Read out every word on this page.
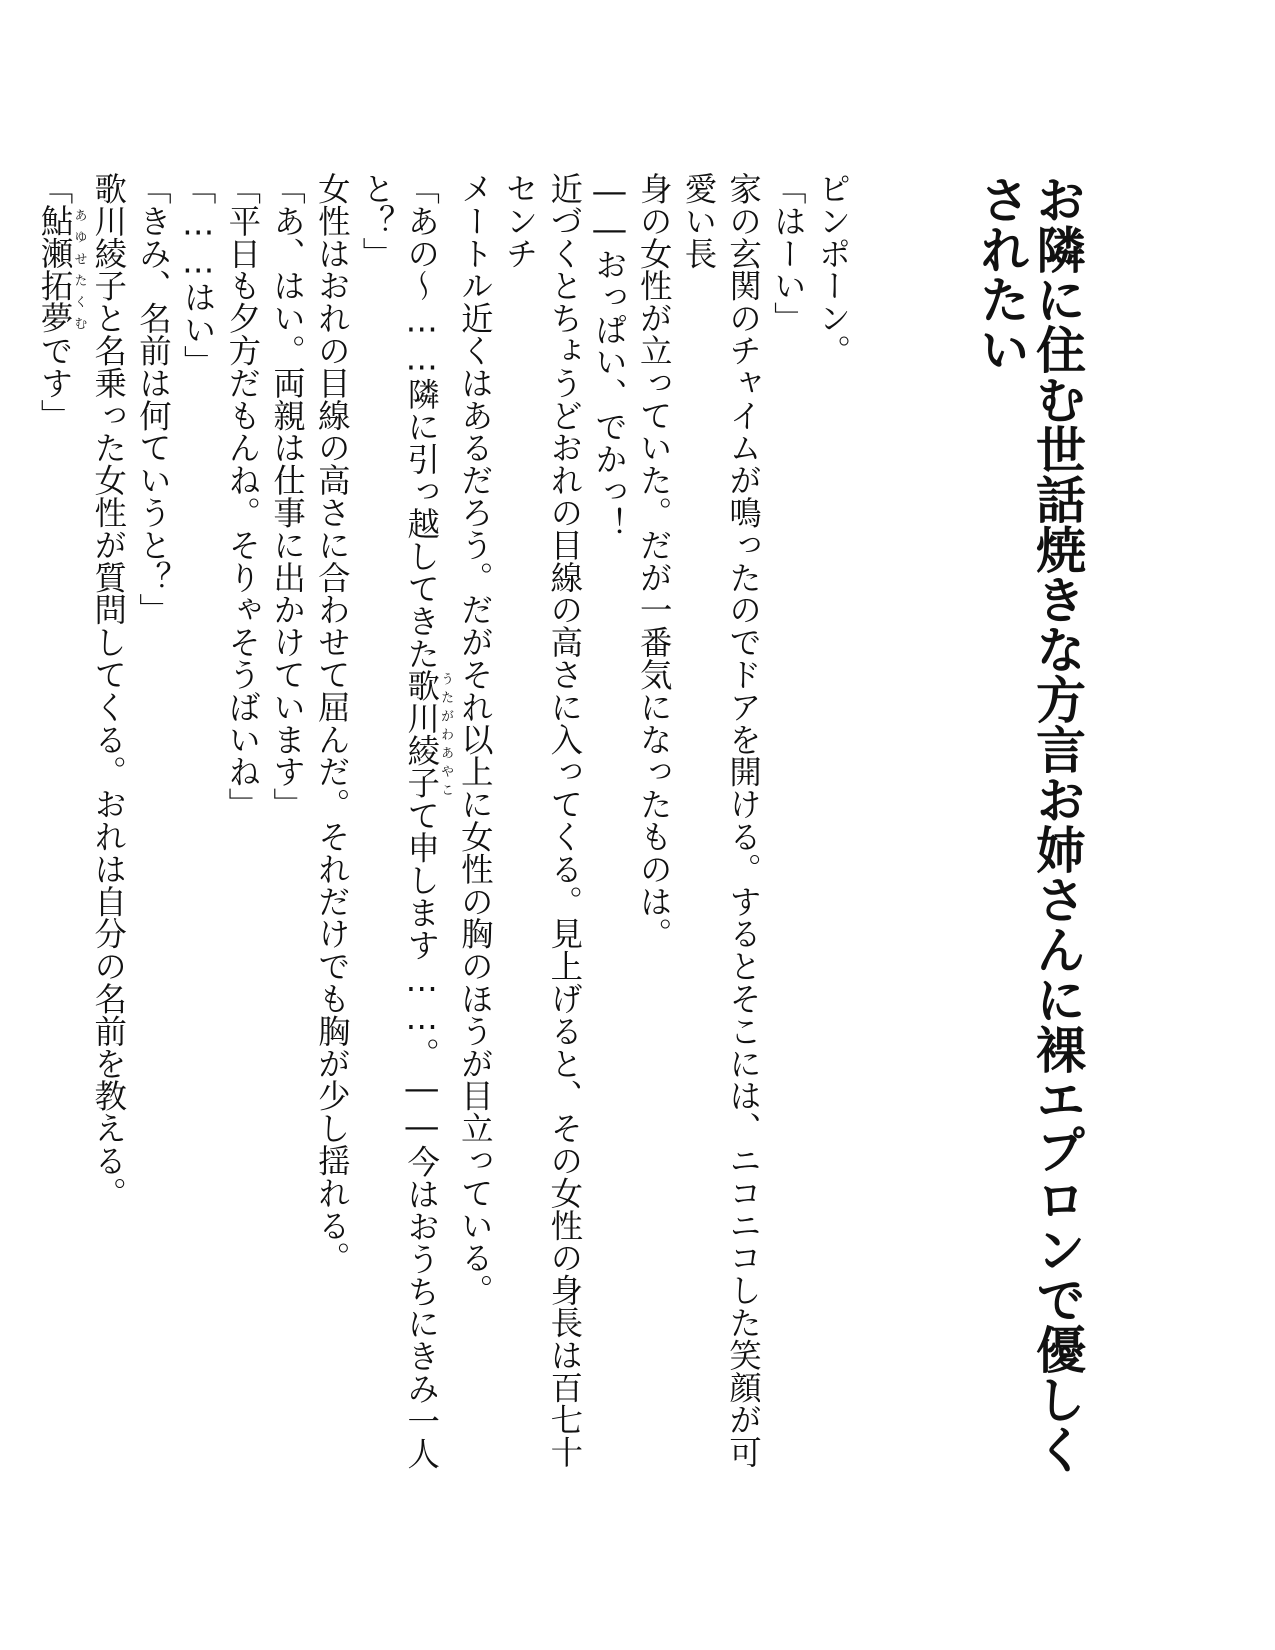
お隣に住む世話焼きな方言お姉さんに裸エプロンで優しくされたい
ピンポーン。
「はーい」
家の玄関のチャイムが鳴ったのでドアを開ける。するとそこには、ニコニコした笑顔が可愛い長
身の女性が立っていた。だが一番気になったものは。
――おっぱい、でかっ！
近づくとちょうどおれの目線の高さに入ってくる。見上げると、その女性の身長は百七十センチ
メートル近くはあるだろう。だがそれ以上に女性の胸のほうが目立っている。
「あの～……隣に引っ越してきた歌川綾子うたがわあやこて申します……。――今はおうちにきみ一人と？」
女性はおれの目線の高さに合わせて屈んだ。それだけでも胸が少し揺れる。
「あ、はい。両親は仕事に出かけています」
「平日も夕方だもんね。そりゃそうばいね」
「……はい」
「きみ、名前は何ていうと？」
歌川綾子と名乗った女性が質問してくる。おれは自分の名前を教える。
「鮎瀬拓夢あゆせたくむです」
